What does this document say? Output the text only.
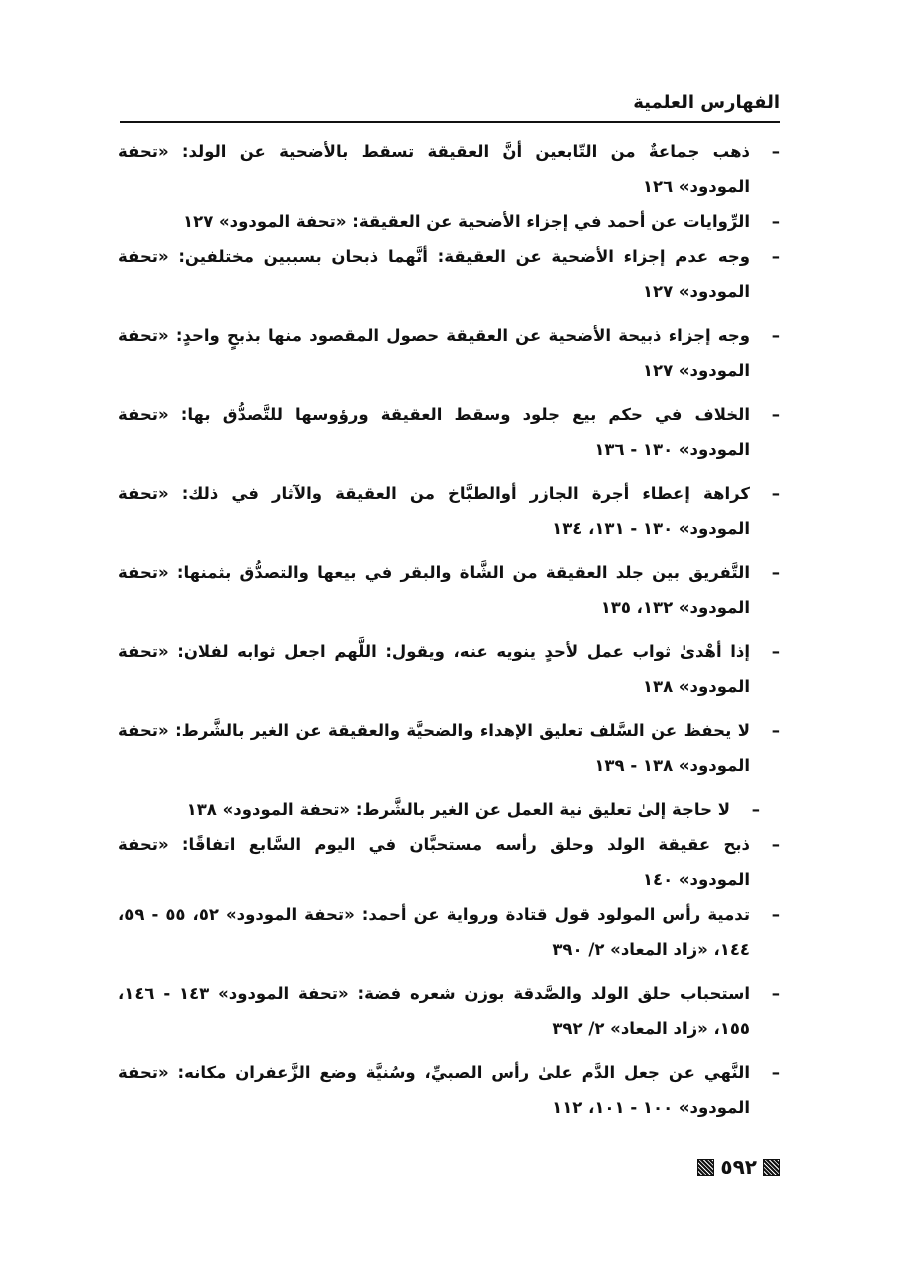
الفهارس العلمية
–
ذهب جماعةٌ من التّابعين أنَّ العقيقة تسقط بالأضحية عن الولد: «تحفة المودود» ١٢٦
–
الرِّوايات عن أحمد في إجزاء الأضحية عن العقيقة: «تحفة المودود» ١٢٧
–
وجه عدم إجزاء الأضحية عن العقيقة: أنَّهما ذبحان بسببين مختلفين: «تحفة المودود» ١٢٧
–
وجه إجزاء ذبيحة الأضحية عن العقيقة حصول المقصود منها بذبحٍ واحدٍ: «تحفة المودود» ١٢٧
–
الخلاف في حكم بيع جلود وسقط العقيقة ورؤوسها للتَّصدُّق بها: «تحفة المودود» ١٣٠ - ١٣٦
–
كراهة إعطاء أجرة الجازر أوالطبَّاخ من العقيقة والآثار في ذلك: «تحفة المودود» ١٣٠ - ١٣١، ١٣٤
–
التَّفريق بين جلد العقيقة من الشَّاة والبقر في بيعها والتصدُّق بثمنها: «تحفة المودود» ١٣٢، ١٣٥
–
إذا أهْدىٰ ثواب عمل لأحدٍ ينويه عنه، ويقول: اللَّهم اجعل ثوابه لفلان: «تحفة المودود» ١٣٨
–
لا يحفظ عن السَّلف تعليق الإهداء والضحيَّة والعقيقة عن الغير بالشَّرط: «تحفة المودود» ١٣٨ - ١٣٩
–
لا حاجة إلىٰ تعليق نية العمل عن الغير بالشَّرط: «تحفة المودود» ١٣٨
–
ذبح عقيقة الولد وحلق رأسه مستحبَّان في اليوم السَّابع اتفاقًا: «تحفة المودود» ١٤٠
–
تدمية رأس المولود قول قتادة ورواية عن أحمد: «تحفة المودود» ٥٢، ٥٥ - ٥٩، ١٤٤، «زاد المعاد» ٢/ ٣٩٠
–
استحباب حلق الولد والصَّدقة بوزن شعره فضة: «تحفة المودود» ١٤٣ - ١٤٦، ١٥٥، «زاد المعاد» ٢/ ٣٩٢
–
النَّهي عن جعل الدَّم علىٰ رأس الصبيِّ، وسُنيَّة وضع الزَّعفران مكانه: «تحفة المودود» ١٠٠ - ١٠١، ١١٢
٥٩٢
